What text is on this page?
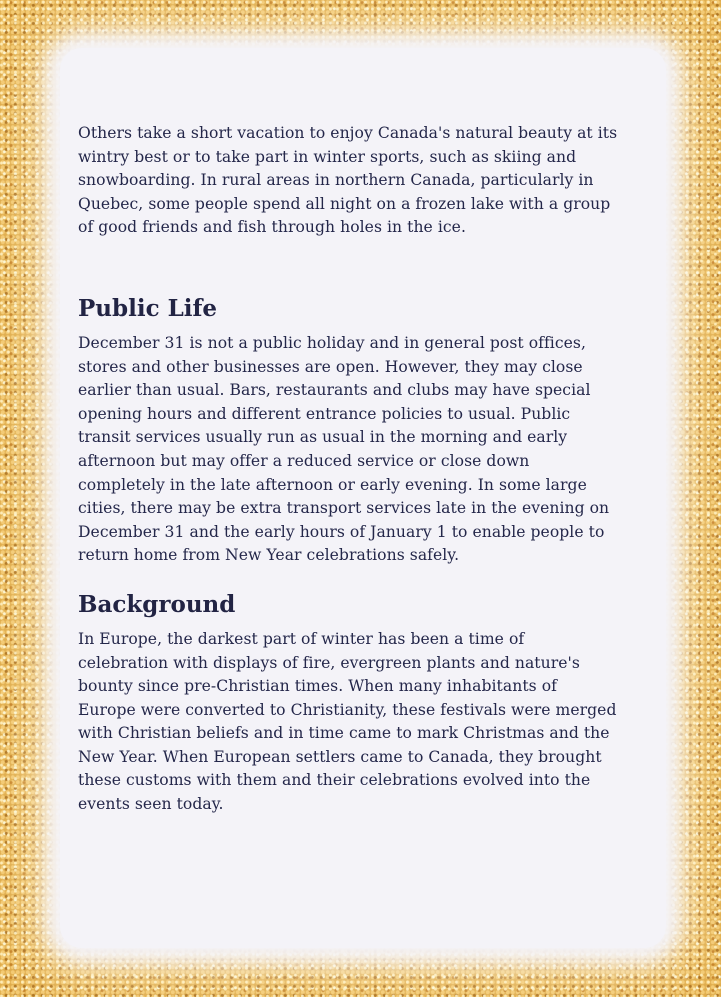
Others take a short vacation to enjoy Canada's natural beauty at its wintry best or to take part in winter sports, such as skiing and snowboarding. In rural areas in northern Canada, particularly in Quebec, some people spend all night on a frozen lake with a group of good friends and fish through holes in the ice.

Public Life

December 31 is not a public holiday and in general post offices, stores and other businesses are open. However, they may close earlier than usual. Bars, restaurants and clubs may have special opening hours and different entrance policies to usual. Public transit services usually run as usual in the morning and early afternoon but may offer a reduced service or close down completely in the late afternoon or early evening. In some large cities, there may be extra transport services late in the evening on December 31 and the early hours of January 1 to enable people to return home from New Year celebrations safely.

Background

In Europe, the darkest part of winter has been a time of celebration with displays of fire, evergreen plants and nature's bounty since pre-Christian times. When many inhabitants of Europe were converted to Christianity, these festivals were merged with Christian beliefs and in time came to mark Christmas and the New Year. When European settlers came to Canada, they brought these customs with them and their celebrations evolved into the events seen today.
